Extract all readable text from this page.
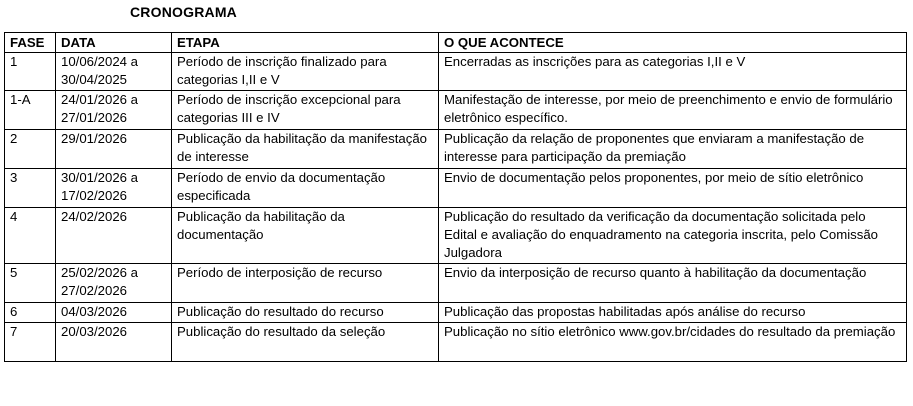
CRONOGRAMA
FASE	DATA	ETAPA	O QUE ACONTECE
1	10/06/2024 a 30/04/2025	Período de inscrição finalizado para categorias I,II e V	Encerradas as inscrições para as categorias I,II e V
1-A	24/01/2026 a 27/01/2026	Período de inscrição excepcional para categorias III e IV	Manifestação de interesse, por meio de preenchimento e envio de formulário eletrônico específico.
2	29/01/2026	Publicação da habilitação da manifestação de interesse	Publicação da relação de proponentes que enviaram a manifestação de interesse para participação da premiação
3	30/01/2026 a 17/02/2026	Período de envio da documentação especificada	Envio de documentação pelos proponentes, por meio de sítio eletrônico
4	24/02/2026	Publicação da habilitação da documentação	Publicação do resultado da verificação da documentação solicitada pelo Edital e avaliação do enquadramento na categoria inscrita, pelo Comissão Julgadora
5	25/02/2026 a 27/02/2026	Período de interposição de recurso	Envio da interposição de recurso quanto à habilitação da documentação
6	04/03/2026	Publicação do resultado do recurso	Publicação das propostas habilitadas após análise do recurso
7	20/03/2026	Publicação do resultado da seleção	Publicação no sítio eletrônico www.gov.br/cidades do resultado da premiação
